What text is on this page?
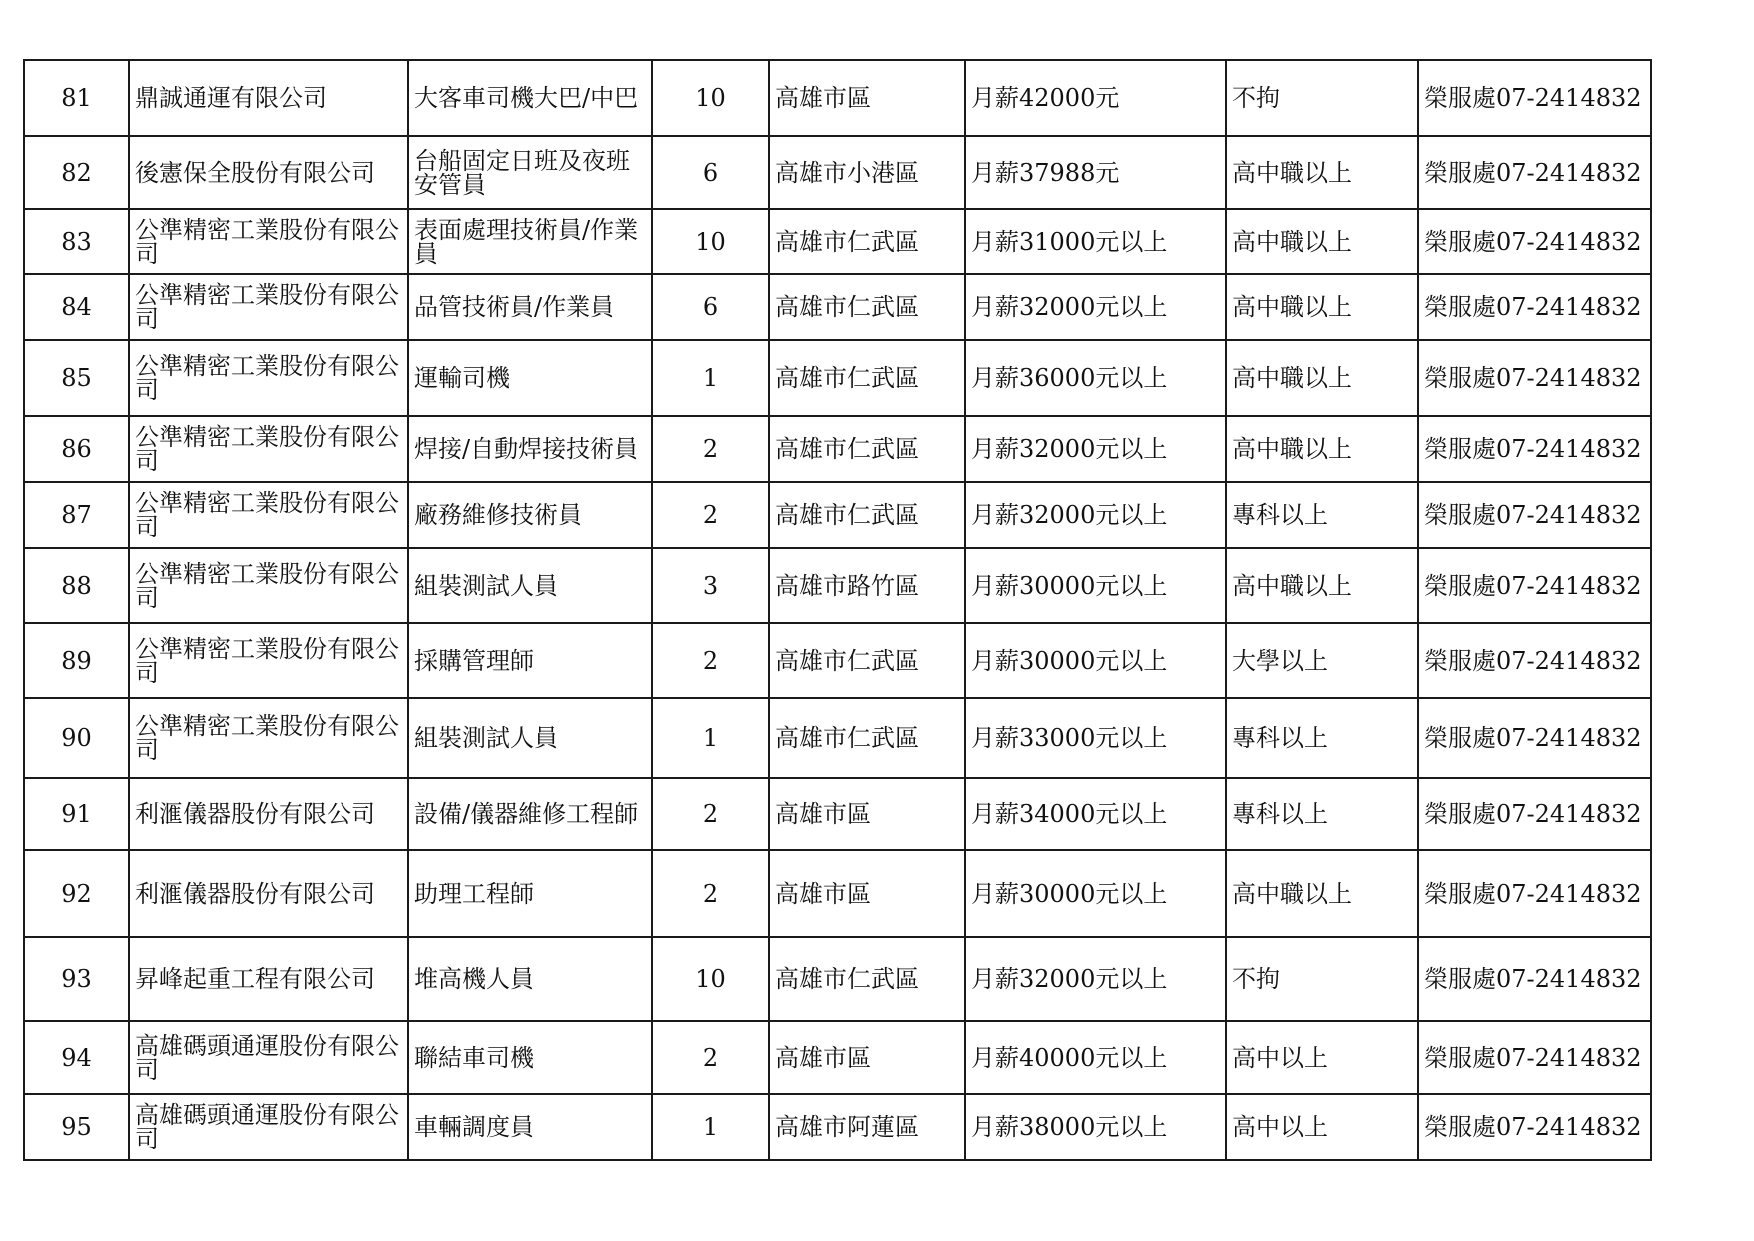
81	鼎誠通運有限公司	大客車司機大巴/中巴	10	高雄市區	月薪42000元	不拘	榮服處07-2414832

82	後憲保全股份有限公司	台船固定日班及夜班安管員	6	高雄市小港區	月薪37988元	高中職以上	榮服處07-2414832

83	公準精密工業股份有限公司	表面處理技術員/作業員	10	高雄市仁武區	月薪31000元以上	高中職以上	榮服處07-2414832

84	公準精密工業股份有限公司	品管技術員/作業員	6	高雄市仁武區	月薪32000元以上	高中職以上	榮服處07-2414832

85	公準精密工業股份有限公司	運輸司機	1	高雄市仁武區	月薪36000元以上	高中職以上	榮服處07-2414832

86	公準精密工業股份有限公司	焊接/自動焊接技術員	2	高雄市仁武區	月薪32000元以上	高中職以上	榮服處07-2414832

87	公準精密工業股份有限公司	廠務維修技術員	2	高雄市仁武區	月薪32000元以上	專科以上	榮服處07-2414832

88	公準精密工業股份有限公司	組裝測試人員	3	高雄市路竹區	月薪30000元以上	高中職以上	榮服處07-2414832

89	公準精密工業股份有限公司	採購管理師	2	高雄市仁武區	月薪30000元以上	大學以上	榮服處07-2414832

90	公準精密工業股份有限公司	組裝測試人員	1	高雄市仁武區	月薪33000元以上	專科以上	榮服處07-2414832

91	利滙儀器股份有限公司	設備/儀器維修工程師	2	高雄市區	月薪34000元以上	專科以上	榮服處07-2414832

92	利滙儀器股份有限公司	助理工程師	2	高雄市區	月薪30000元以上	高中職以上	榮服處07-2414832

93	昇峰起重工程有限公司	堆高機人員	10	高雄市仁武區	月薪32000元以上	不拘	榮服處07-2414832

94	高雄碼頭通運股份有限公司	聯結車司機	2	高雄市區	月薪40000元以上	高中以上	榮服處07-2414832

95	高雄碼頭通運股份有限公司	車輛調度員	1	高雄市阿蓮區	月薪38000元以上	高中以上	榮服處07-2414832
